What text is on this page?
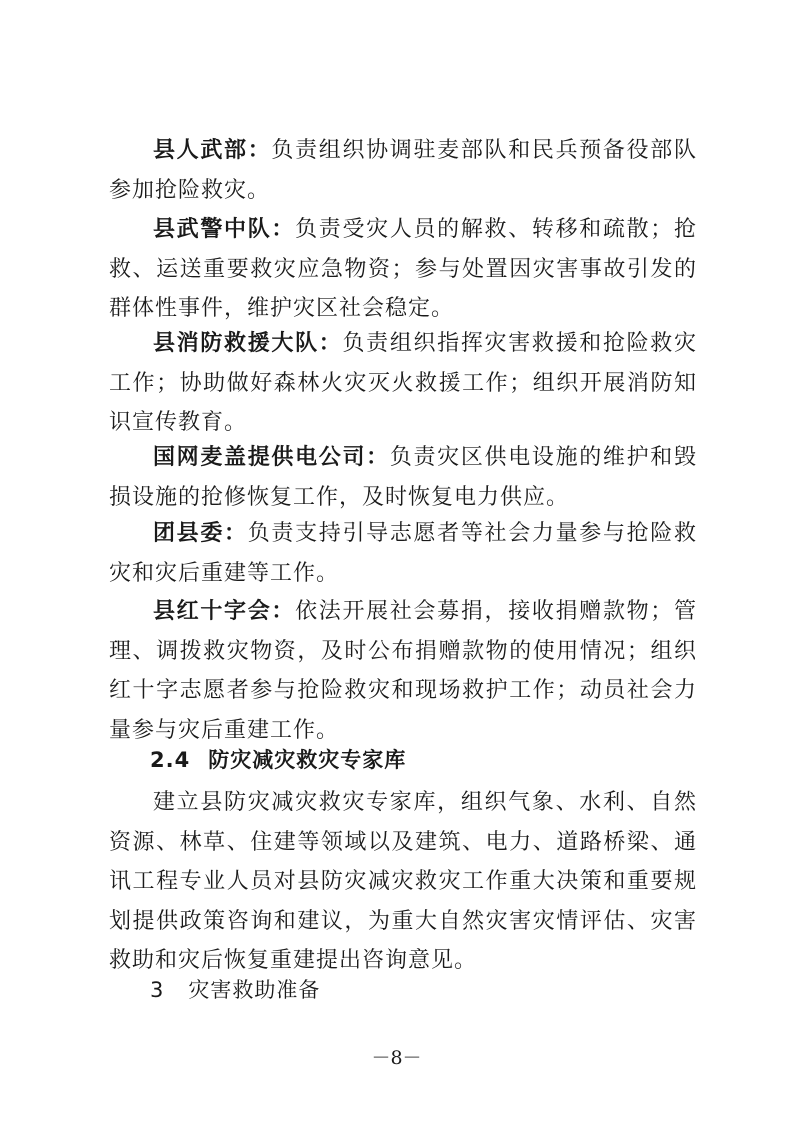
县人武部：负责组织协调驻麦部队和民兵预备役部队参加抢险救灾。

县武警中队：负责受灾人员的解救、转移和疏散；抢救、运送重要救灾应急物资；参与处置因灾害事故引发的群体性事件，维护灾区社会稳定。

县消防救援大队：负责组织指挥灾害救援和抢险救灾工作；协助做好森林火灾灭火救援工作；组织开展消防知识宣传教育。

国网麦盖提供电公司：负责灾区供电设施的维护和毁损设施的抢修恢复工作，及时恢复电力供应。

团县委：负责支持引导志愿者等社会力量参与抢险救灾和灾后重建等工作。

县红十字会：依法开展社会募捐，接收捐赠款物；管理、调拨救灾物资，及时公布捐赠款物的使用情况；组织红十字志愿者参与抢险救灾和现场救护工作；动员社会力量参与灾后重建工作。

2.4 防灾减灾救灾专家库

建立县防灾减灾救灾专家库，组织气象、水利、自然资源、林草、住建等领域以及建筑、电力、道路桥梁、通讯工程专业人员对县防灾减灾救灾工作重大决策和重要规划提供政策咨询和建议，为重大自然灾害灾情评估、灾害救助和灾后恢复重建提出咨询意见。

3 灾害救助准备
－8－
